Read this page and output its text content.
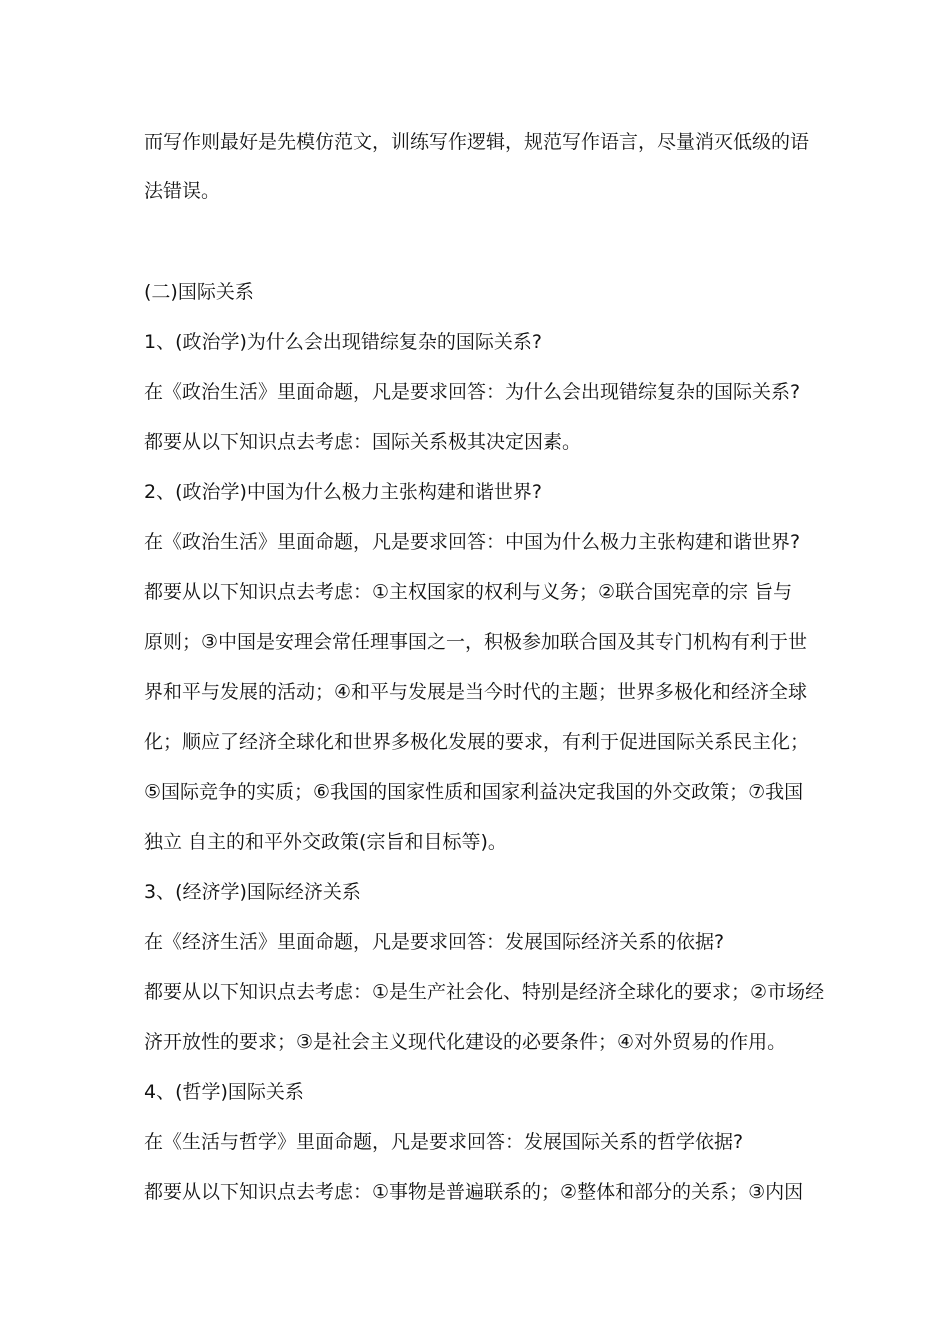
而写作则最好是先模仿范文，训练写作逻辑，规范写作语言，尽量消灭低级的语
法错误。
(二)国际关系
1、(政治学)为什么会出现错综复杂的国际关系?
在《政治生活》里面命题，凡是要求回答：为什么会出现错综复杂的国际关系?
都要从以下知识点去考虑：国际关系极其决定因素。
2、(政治学)中国为什么极力主张构建和谐世界?
在《政治生活》里面命题，凡是要求回答：中国为什么极力主张构建和谐世界?
都要从以下知识点去考虑：①主权国家的权利与义务；②联合国宪章的宗 旨与
原则；③中国是安理会常任理事国之一，积极参加联合国及其专门机构有利于世
界和平与发展的活动；④和平与发展是当今时代的主题；世界多极化和经济全球
化；顺应了经济全球化和世界多极化发展的要求，有利于促进国际关系民主化；
⑤国际竞争的实质；⑥我国的国家性质和国家利益决定我国的外交政策；⑦我国
独立 自主的和平外交政策(宗旨和目标等)。
3、(经济学)国际经济关系
在《经济生活》里面命题，凡是要求回答：发展国际经济关系的依据?
都要从以下知识点去考虑：①是生产社会化、特别是经济全球化的要求；②市场经
济开放性的要求；③是社会主义现代化建设的必要条件；④对外贸易的作用。
4、(哲学)国际关系
在《生活与哲学》里面命题，凡是要求回答：发展国际关系的哲学依据?
都要从以下知识点去考虑：①事物是普遍联系的；②整体和部分的关系；③内因
